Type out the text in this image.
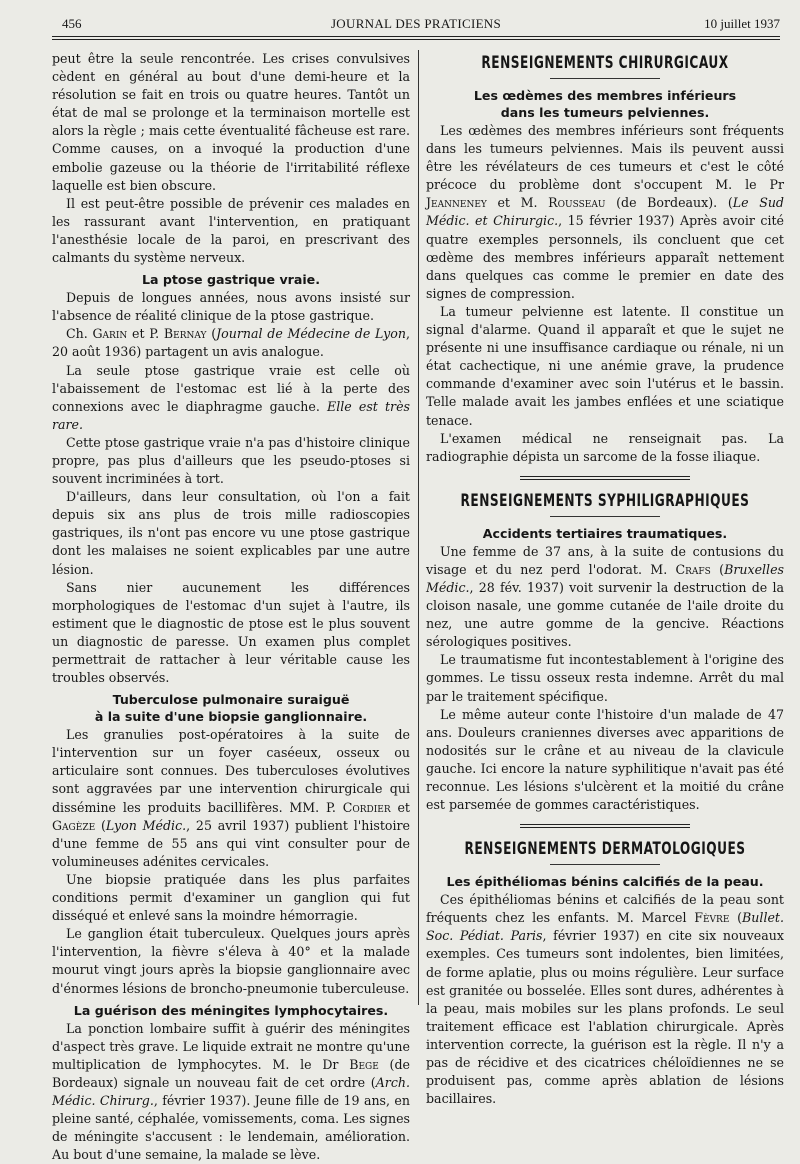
456	JOURNAL DES PRATICIENS	10 juillet 1937

peut être la seule rencontrée. Les crises convulsives cèdent en général au bout d'une demi-heure et la résolution se fait en trois ou quatre heures. Tantôt un état de mal se prolonge et la terminaison mortelle est alors la règle ; mais cette éventualité fâcheuse est rare. Comme causes, on a invoqué la production d'une embolie gazeuse ou la théorie de l'irritabilité réflexe laquelle est bien obscure.

Il est peut-être possible de prévenir ces malades en les rassurant avant l'intervention, en pratiquant l'anesthésie locale de la paroi, en prescrivant des calmants du système nerveux.

La ptose gastrique vraie.

Depuis de longues années, nous avons insisté sur l'absence de réalité clinique de la ptose gastrique.

Ch. Garin et P. Bernay (Journal de Médecine de Lyon, 20 août 1936) partagent un avis analogue.

La seule ptose gastrique vraie est celle où l'abaissement de l'estomac est lié à la perte des connexions avec le diaphragme gauche. Elle est très rare.

Cette ptose gastrique vraie n'a pas d'histoire clinique propre, pas plus d'ailleurs que les pseudo-ptoses si souvent incriminées à tort.

D'ailleurs, dans leur consultation, où l'on a fait depuis six ans plus de trois mille radioscopies gastriques, ils n'ont pas encore vu une ptose gastrique dont les malaises ne soient explicables par une autre lésion.

Sans nier aucunement les différences morphologiques de l'estomac d'un sujet à l'autre, ils estiment que le diagnostic de ptose est le plus souvent un diagnostic de paresse. Un examen plus complet permettrait de rattacher à leur véritable cause les troubles observés.

Tuberculose pulmonaire suraiguë
à la suite d'une biopsie ganglionnaire.

Les granulies post-opératoires à la suite de l'intervention sur un foyer caséeux, osseux ou articulaire sont connues. Des tuberculoses évolutives sont aggravées par une intervention chirurgicale qui dissémine les produits bacillifères. MM. P. Cordier et Gagèze (Lyon Médic., 25 avril 1937) publient l'histoire d'une femme de 55 ans qui vint consulter pour de volumineuses adénites cervicales.

Une biopsie pratiquée dans les plus parfaites conditions permit d'examiner un ganglion qui fut disséqué et enlevé sans la moindre hémorragie.

Le ganglion était tuberculeux. Quelques jours après l'intervention, la fièvre s'éleva à 40° et la malade mourut vingt jours après la biopsie ganglionnaire avec d'énormes lésions de broncho-pneumonie tuberculeuse.

La guérison des méningites lymphocytaires.

La ponction lombaire suffit à guérir des méningites d'aspect très grave. Le liquide extrait ne montre qu'une multiplication de lymphocytes. M. le Dr Bege (de Bordeaux) signale un nouveau fait de cet ordre (Arch. Médic. Chirurg., février 1937). Jeune fille de 19 ans, en pleine santé, céphalée, vomissements, coma. Les signes de méningite s'accusent : le lendemain, amélioration. Au bout d'une semaine, la malade se lève.

RENSEIGNEMENTS CHIRURGICAUX
Les œdèmes des membres inférieurs
dans les tumeurs pelviennes.

Les œdèmes des membres inférieurs sont fréquents dans les tumeurs pelviennes. Mais ils peuvent aussi être les révélateurs de ces tumeurs et c'est le côté précoce du problème dont s'occupent M. le Pr Jeanneney et M. Rousseau (de Bordeaux). (Le Sud Médic. et Chirurgic., 15 février 1937) Après avoir cité quatre exemples personnels, ils concluent que cet œdème des membres inférieurs apparaît nettement dans quelques cas comme le premier en date des signes de compression.

La tumeur pelvienne est latente. Il constitue un signal d'alarme. Quand il apparaît et que le sujet ne présente ni une insuffisance cardiaque ou rénale, ni un état cachectique, ni une anémie grave, la prudence commande d'examiner avec soin l'utérus et le bassin. Telle malade avait les jambes enflées et une sciatique tenace.

L'examen médical ne renseignait pas. La radiographie dépista un sarcome de la fosse iliaque.

RENSEIGNEMENTS SYPHILIGRAPHIQUES
Accidents tertiaires traumatiques.

Une femme de 37 ans, à la suite de contusions du visage et du nez perd l'odorat. M. Crafs (Bruxelles Médic., 28 fév. 1937) voit survenir la destruction de la cloison nasale, une gomme cutanée de l'aile droite du nez, une autre gomme de la gencive. Réactions sérologiques positives.

Le traumatisme fut incontestablement à l'origine des gommes. Le tissu osseux resta indemne. Arrêt du mal par le traitement spécifique.

Le même auteur conte l'histoire d'un malade de 47 ans. Douleurs craniennes diverses avec apparitions de nodosités sur le crâne et au niveau de la clavicule gauche. Ici encore la nature syphilitique n'avait pas été reconnue. Les lésions s'ulcèrent et la moitié du crâne est parsemée de gommes caractéristiques.

RENSEIGNEMENTS DERMATOLOGIQUES
Les épithéliomas bénins calcifiés de la peau.

Ces épithéliomas bénins et calcifiés de la peau sont fréquents chez les enfants. M. Marcel Fèvre (Bullet. Soc. Pédiat. Paris, février 1937) en cite six nouveaux exemples. Ces tumeurs sont indolentes, bien limitées, de forme aplatie, plus ou moins régulière. Leur surface est granitée ou bosselée. Elles sont dures, adhérentes à la peau, mais mobiles sur les plans profonds. Le seul traitement efficace est l'ablation chirurgicale. Après intervention correcte, la guérison est la règle. Il n'y a pas de récidive et des cicatrices chéloïdiennes ne se produisent pas, comme après ablation de lésions bacillaires.
